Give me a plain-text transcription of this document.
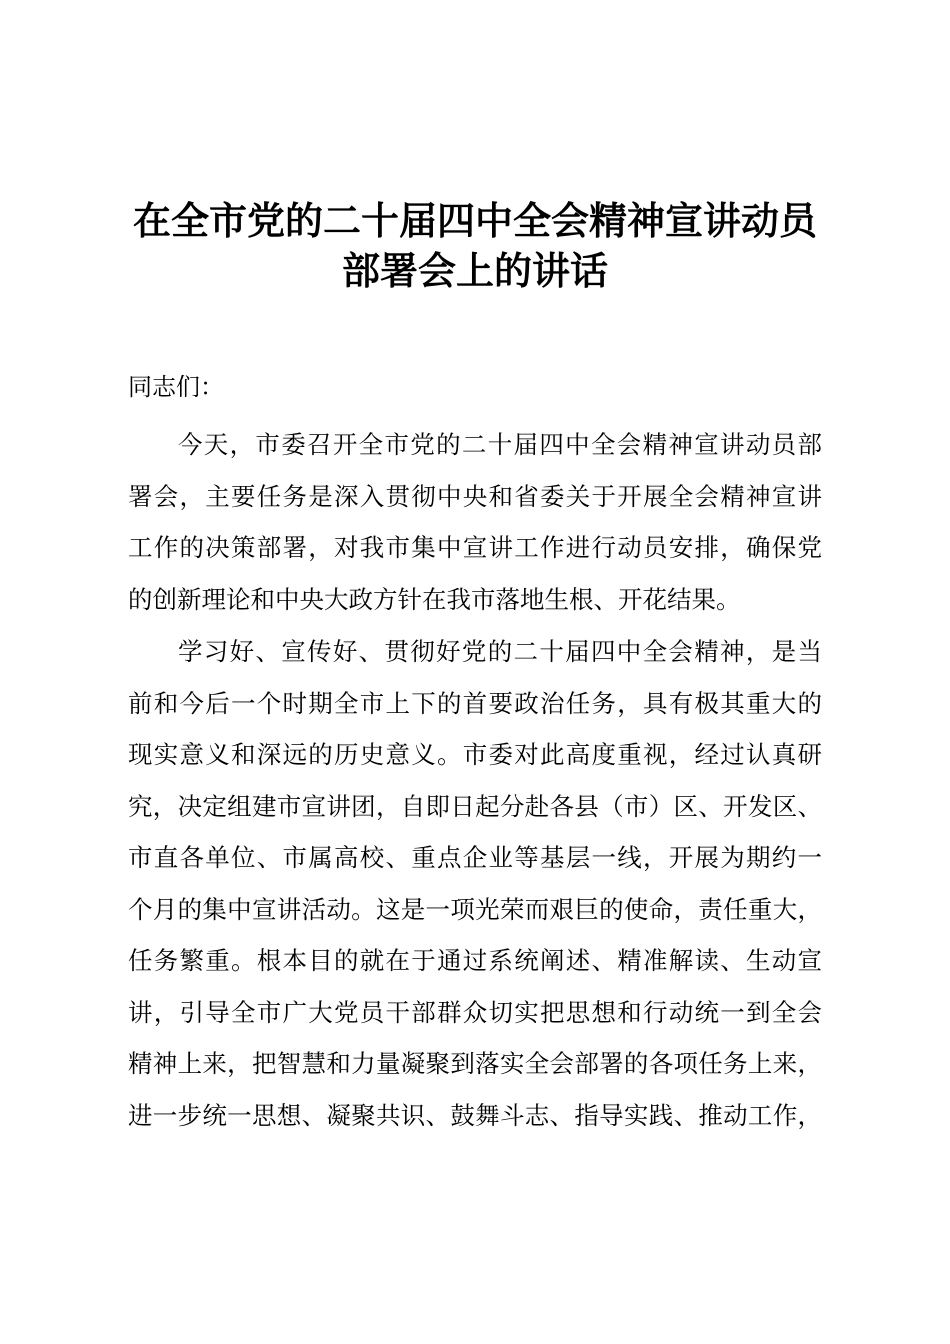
在全市党的二十届四中全会精神宣讲动员
部署会上的讲话
同志们：
今天，市委召开全市党的二十届四中全会精神宣讲动员部
署会，主要任务是深入贯彻中央和省委关于开展全会精神宣讲
工作的决策部署，对我市集中宣讲工作进行动员安排，确保党
的创新理论和中央大政方针在我市落地生根、开花结果。
学习好、宣传好、贯彻好党的二十届四中全会精神，是当
前和今后一个时期全市上下的首要政治任务，具有极其重大的
现实意义和深远的历史意义。市委对此高度重视，经过认真研
究，决定组建市宣讲团，自即日起分赴各县（市）区、开发区、
市直各单位、市属高校、重点企业等基层一线，开展为期约一
个月的集中宣讲活动。这是一项光荣而艰巨的使命，责任重大，
任务繁重。根本目的就在于通过系统阐述、精准解读、生动宣
讲，引导全市广大党员干部群众切实把思想和行动统一到全会
精神上来，把智慧和力量凝聚到落实全会部署的各项任务上来，
进一步统一思想、凝聚共识、鼓舞斗志、指导实践、推动工作，
